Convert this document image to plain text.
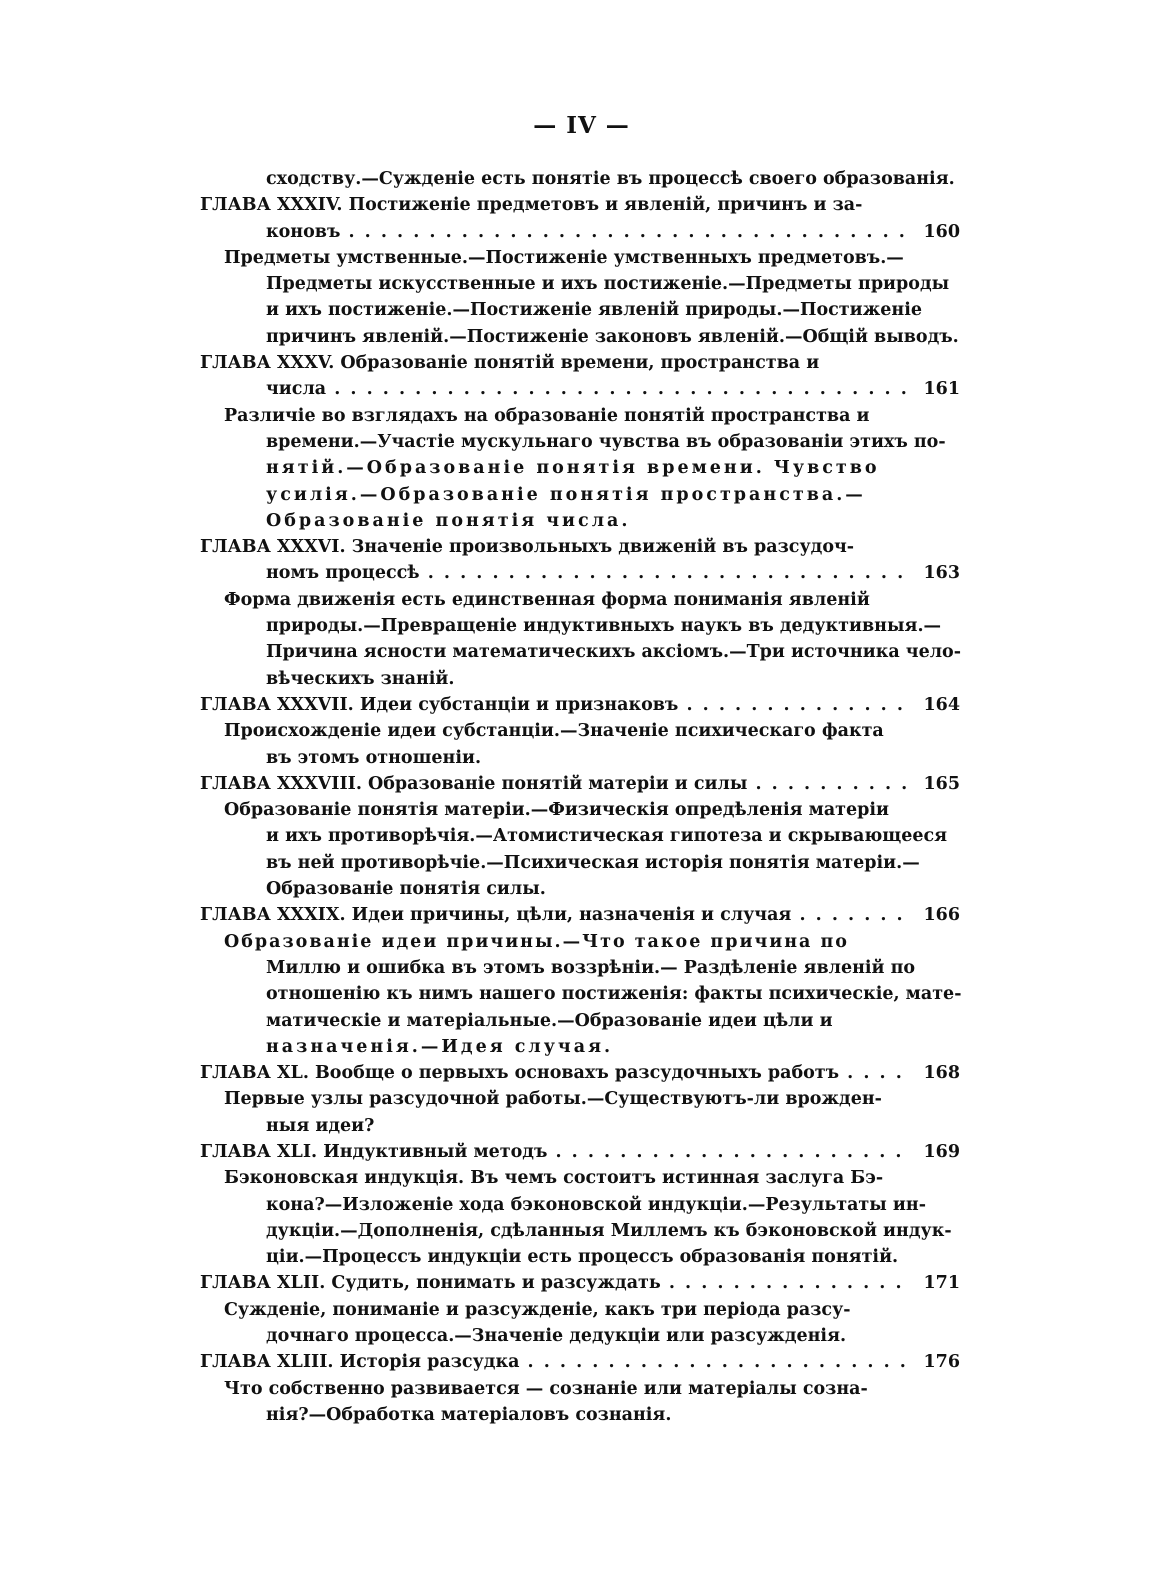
— IV —
сходству.—Сужденіе есть понятіе въ процессѣ своего образованія.
ГЛАВА XXXIV. Постиженіе предметовъ и явленій, причинъ и за-
коновъ . . .	160
Предметы умственные.—Постиженіе умственныхъ предметовъ.—
Предметы искусственные и ихъ постиженіе.—Предметы природы
и ихъ постиженіе.—Постиженіе явленій природы.—Постиженіе
причинъ явленій.—Постиженіе законовъ явленій.—Общій выводъ.
ГЛАВА XXXV. Образованіе понятій времени, пространства и
числа . . .	161
Различіе во взглядахъ на образованіе понятій пространства и
времени.—Участіе мускульнаго чувства въ образованіи этихъ по-
нятій.—Образованіе понятія времени. Чувство
усилія.—Образованіе понятія пространства.—
Образованіе понятія числа.
ГЛАВА XXXVI. Значеніе произвольныхъ движеній въ разсудоч-
номъ процессѣ . . .	163
Форма движенія есть единственная форма пониманія явленій
природы.—Превращеніе индуктивныхъ наукъ въ дедуктивныя.—
Причина ясности математическихъ аксіомъ.—Три источника чело-
вѣческихъ знаній.
ГЛАВА XXXVII. Идеи субстанціи и признаковъ . . .	164
Происхожденіе идеи субстанціи.—Значеніе психическаго факта
въ этомъ отношеніи.
ГЛАВА XXXVIII. Образованіе понятій матеріи и силы . . .	165
Образованіе понятія матеріи.—Физическія опредѣленія матеріи
и ихъ противорѣчія.—Атомистическая гипотеза и скрывающееся
въ ней противорѣчіе.—Психическая исторія понятія матеріи.—
Образованіе понятія силы.
ГЛАВА XXXIX. Идеи причины, цѣли, назначенія и случая . . .	166
Образованіе идеи причины.—Что такое причина по
Миллю и ошибка въ этомъ воззрѣніи.— Раздѣленіе явленій по
отношенію къ нимъ нашего постиженія: факты психическіе, мате-
матическіе и матеріальные.—Образованіе идеи цѣли и
назначенія.—Идея случая.
ГЛАВА XL. Вообще о первыхъ основахъ разсудочныхъ работъ . . .	168
Первые узлы разсудочной работы.—Существуютъ-ли врожден-
ныя идеи?
ГЛАВА XLI. Индуктивный методъ . . .	169
Бэконовская индукція. Въ чемъ состоитъ истинная заслуга Бэ-
кона?—Изложеніе хода бэконовской индукціи.—Результаты ин-
дукціи.—Дополненія, сдѣланныя Миллемъ къ бэконовской индук-
ціи.—Процессъ индукціи есть процессъ образованія понятій.
ГЛАВА XLII. Судить, понимать и разсуждать . . .	171
Сужденіе, пониманіе и разсужденіе, какъ три періода разсу-
дочнаго процесса.—Значеніе дедукціи или разсужденія.
ГЛАВА XLIII. Исторія разсудка . . .	176
Что собственно развивается — сознаніе или матеріалы созна-
нія?—Обработка матеріаловъ сознанія.
